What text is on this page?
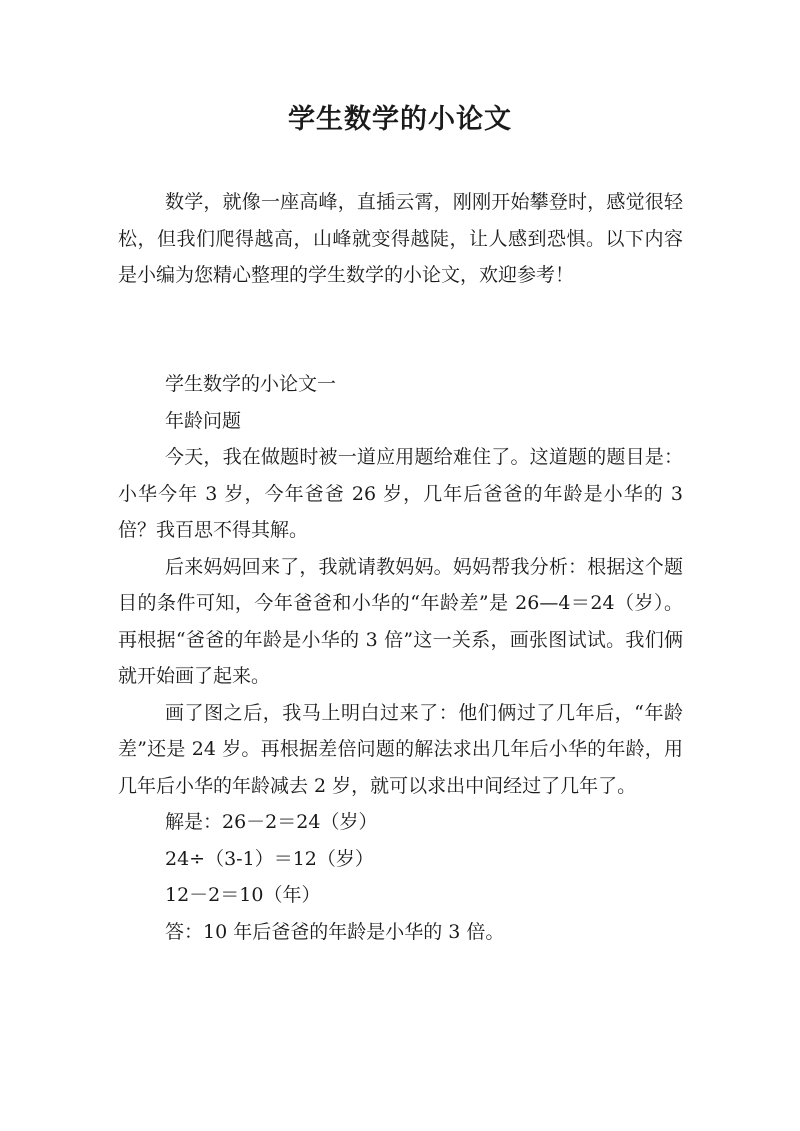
学生数学的小论文

数学，就像一座高峰，直插云霄，刚刚开始攀登时，感觉很轻松，但我们爬得越高，山峰就变得越陡，让人感到恐惧。以下内容是小编为您精心整理的学生数学的小论文，欢迎参考！

学生数学的小论文一

年龄问题

今天，我在做题时被一道应用题给难住了。这道题的题目是：小华今年 3 岁，今年爸爸 26 岁，几年后爸爸的年龄是小华的 3 倍？我百思不得其解。

后来妈妈回来了，我就请教妈妈。妈妈帮我分析：根据这个题目的条件可知，今年爸爸和小华的“年龄差”是 26—4＝24（岁）。再根据“爸爸的年龄是小华的 3 倍”这一关系，画张图试试。我们俩就开始画了起来。

画了图之后，我马上明白过来了：他们俩过了几年后，“年龄差”还是 24 岁。再根据差倍问题的解法求出几年后小华的年龄，用几年后小华的年龄减去 2 岁，就可以求出中间经过了几年了。

解是：26－2＝24（岁）

24÷（3-1）＝12（岁）

12－2＝10（年）

答：10 年后爸爸的年龄是小华的 3 倍。
